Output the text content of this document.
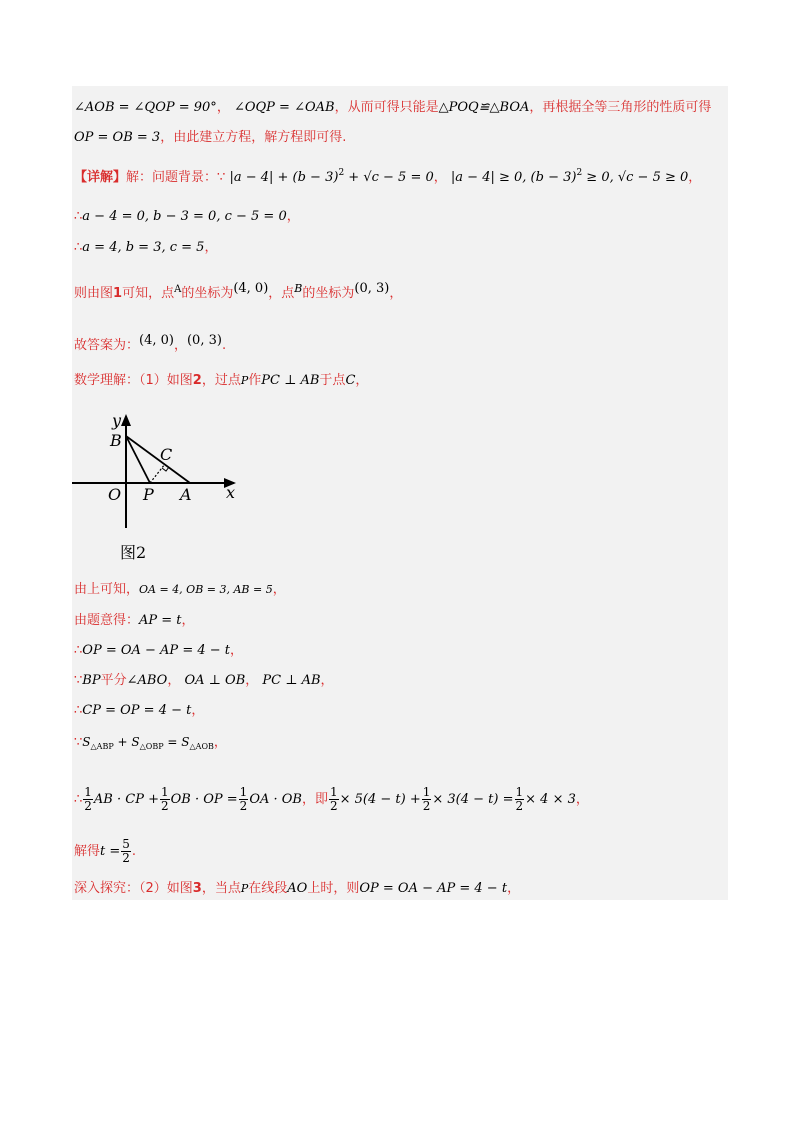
∠AOB = ∠QOP = 90°， ∠OQP = ∠OAB，从而可得只能是△POQ≌△BOA，再根据全等三角形的性质可得
OP = OB = 3，由此建立方程，解方程即可得.
【详解】解：问题背景：∵ $|a - 4| + (b - 3)^2 + √c - 5 = 0$， |a − 4| ≥ 0, $(b - 3)^2 \ge 0$, √c − 5 ≥ 0，
∴a − 4 = 0, b − 3 = 0, c − 5 = 0，
∴a = 4, b = 3, c = 5，
则由图1可知，点$^A$的坐标为(4, 0)，点$^B$的坐标为(0, 3)，
故答案为：(4, 0)，(0, 3).
数学理解：（1）如图2，过点P作PC ⊥ AB于点C，
y
x
B
C
O P A
图2
由上可知，OA = 4, OB = 3, AB = 5，
由题意得：AP = t，
∴OP = OA − AP = 4 − t，
∵BP平分∠ABO， OA ⊥ OB， PC ⊥ AB，
∴CP = OP = 4 − t，
$\because S_{\triangle ABP} + S_{\triangle OBP} = S_{\triangle AOB}$，
∴ $\frac{1}{2}$ AB · CP + $\frac{1}{2}$ OB · OP = $\frac{1}{2}$ OA · OB，即 $\frac{1}{2} \times 5(4 - t) + \frac{1}{2} \times 3(4 - t) = \frac{1}{2} \times 4 \times 3$，
解得$t = \frac{5}{2}$ .
深入探究：（2）如图3，当点P在线段AO上时，则OP = OA − AP = 4 − t，
